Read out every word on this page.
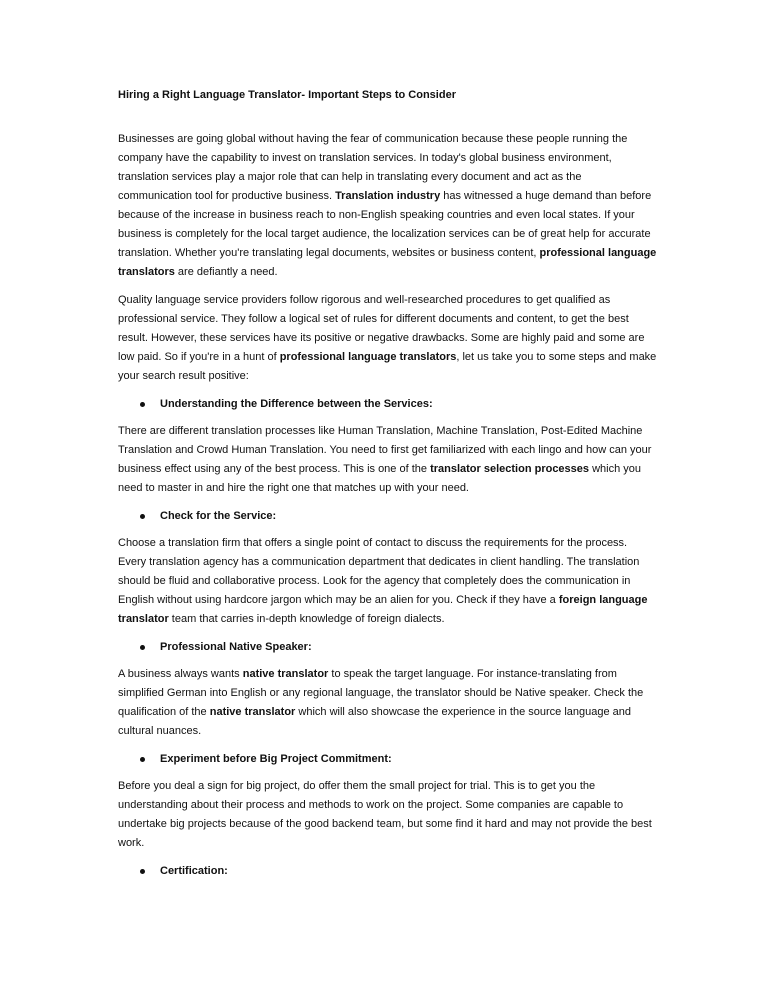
Hiring a Right Language Translator- Important Steps to Consider

Businesses are going global without having the fear of communication because these people running the company have the capability to invest on translation services. In today's global business environment, translation services play a major role that can help in translating every document and act as the communication tool for productive business. Translation industry has witnessed a huge demand than before because of the increase in business reach to non-English speaking countries and even local states. If your business is completely for the local target audience, the localization services can be of great help for accurate translation. Whether you're translating legal documents, websites or business content, professional language translators are defiantly a need.

Quality language service providers follow rigorous and well-researched procedures to get qualified as professional service. They follow a logical set of rules for different documents and content, to get the best result. However, these services have its positive or negative drawbacks. Some are highly paid and some are low paid. So if you're in a hunt of professional language translators, let us take you to some steps and make your search result positive:

Understanding the Difference between the Services:

There are different translation processes like Human Translation, Machine Translation, Post-Edited Machine Translation and Crowd Human Translation. You need to first get familiarized with each lingo and how can your business effect using any of the best process. This is one of the translator selection processes which you need to master in and hire the right one that matches up with your need.

Check for the Service:

Choose a translation firm that offers a single point of contact to discuss the requirements for the process. Every translation agency has a communication department that dedicates in client handling. The translation should be fluid and collaborative process. Look for the agency that completely does the communication in English without using hardcore jargon which may be an alien for you. Check if they have a foreign language translator team that carries in-depth knowledge of foreign dialects.

Professional Native Speaker:

A business always wants native translator to speak the target language. For instance-translating from simplified German into English or any regional language, the translator should be Native speaker. Check the qualification of the native translator which will also showcase the experience in the source language and cultural nuances.

Experiment before Big Project Commitment:

Before you deal a sign for big project, do offer them the small project for trial. This is to get you the understanding about their process and methods to work on the project. Some companies are capable to undertake big projects because of the good backend team, but some find it hard and may not provide the best work.

Certification:
